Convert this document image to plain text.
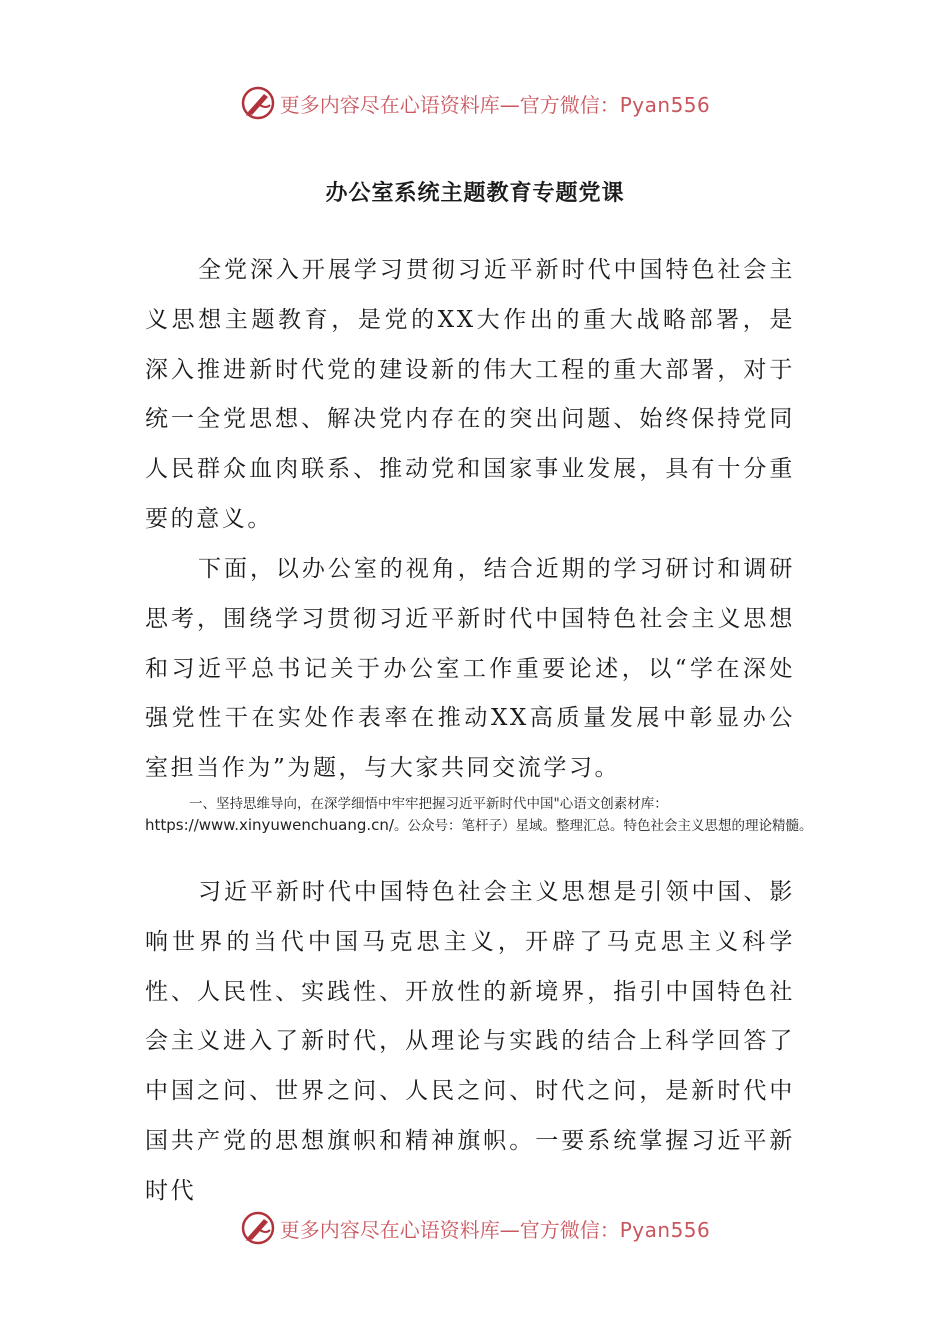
更多内容尽在心语资料库—官方微信：Pyan556
办公室系统主题教育专题党课

全党深入开展学习贯彻习近平新时代中国特色社会主义思想主题教育，是党的XX大作出的重大战略部署，是深入推进新时代党的建设新的伟大工程的重大部署，对于统一全党思想、解决党内存在的突出问题、始终保持党同人民群众血肉联系、推动党和国家事业发展，具有十分重要的意义。

下面，以办公室的视角，结合近期的学习研讨和调研思考，围绕学习贯彻习近平新时代中国特色社会主义思想和习近平总书记关于办公室工作重要论述，以“学在深处强党性干在实处作表率在推动XX高质量发展中彰显办公室担当作为”为题，与大家共同交流学习。

一、坚持思维导向，在深学细悟中牢牢把握习近平新时代中国"心语文创素材库：https://www.xinyuwenchuang.cn/。公众号：笔杆子）星域。整理汇总。特色社会主义思想的理论精髓。

习近平新时代中国特色社会主义思想是引领中国、影响世界的当代中国马克思主义，开辟了马克思主义科学性、人民性、实践性、开放性的新境界，指引中国特色社会主义进入了新时代，从理论与实践的结合上科学回答了中国之问、世界之问、人民之问、时代之问，是新时代中国共产党的思想旗帜和精神旗帜。一要系统掌握习近平新时代

更多内容尽在心语资料库—官方微信：Pyan556
